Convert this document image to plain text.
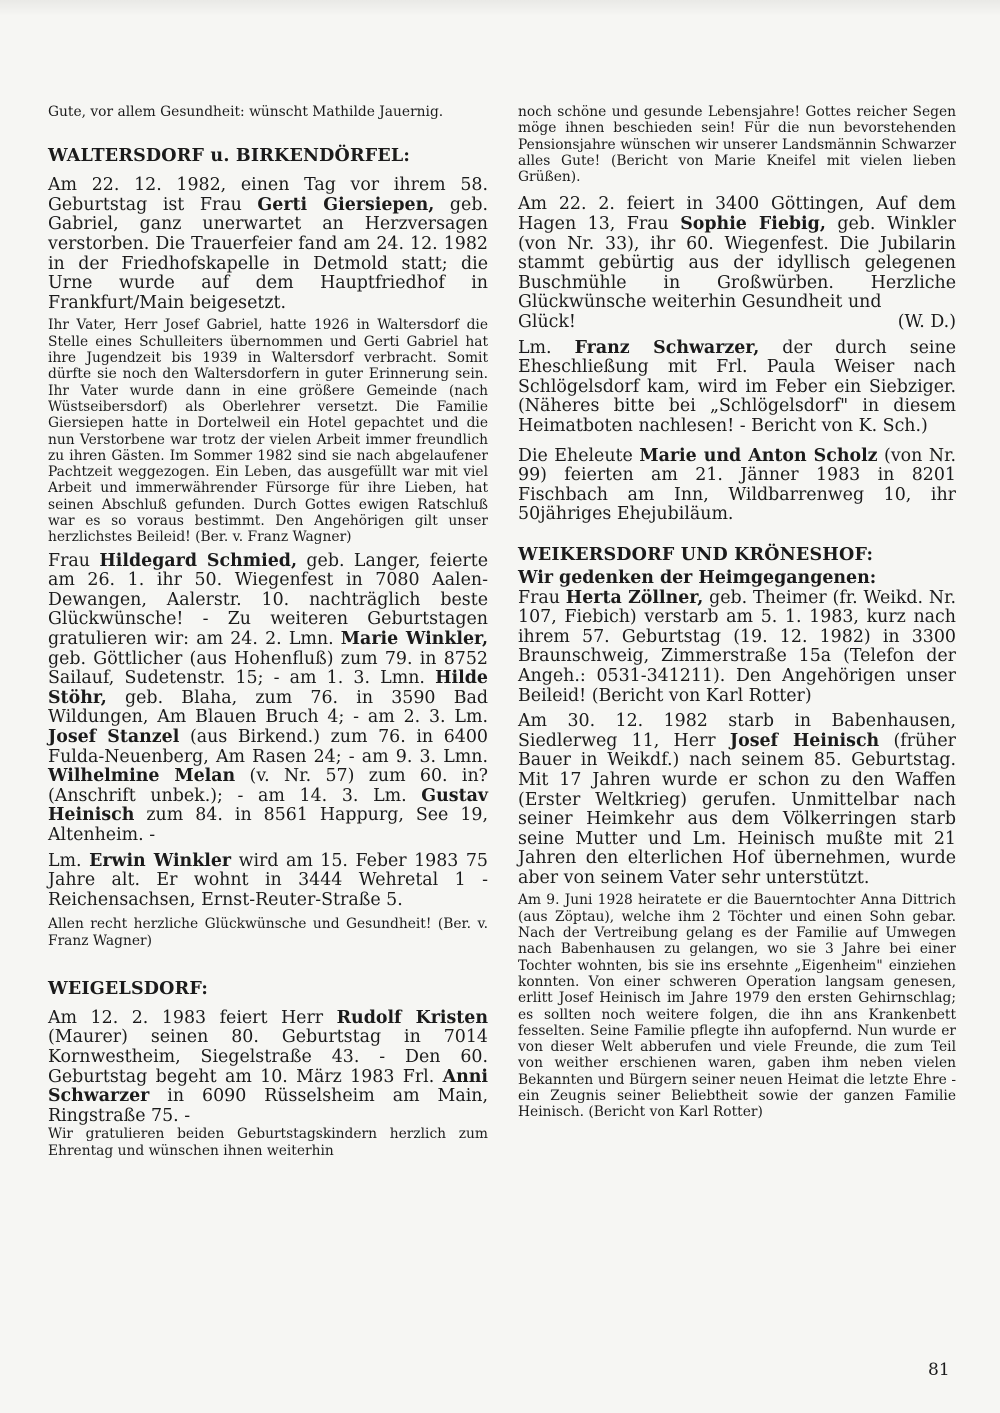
Gute, vor allem Gesundheit: wünscht Mathilde Jauernig.

WALTERSDORF u. BIRKENDÖRFEL:

Am 22. 12. 1982, einen Tag vor ihrem 58. Geburtstag ist Frau Gerti Giersiepen, geb. Gabriel, ganz unerwartet an Herzversagen verstorben. Die Trauerfeier fand am 24. 12. 1982 in der Friedhofskapelle in Detmold statt; die Urne wurde auf dem Hauptfriedhof in Frankfurt/Main beigesetzt.

Ihr Vater, Herr Josef Gabriel, hatte 1926 in Waltersdorf die Stelle eines Schulleiters übernommen und Gerti Gabriel hat ihre Jugendzeit bis 1939 in Waltersdorf verbracht. Somit dürfte sie noch den Waltersdorfern in guter Erinnerung sein. Ihr Vater wurde dann in eine größere Gemeinde (nach Wüstseibersdorf) als Oberlehrer versetzt. Die Familie Giersiepen hatte in Dortelweil ein Hotel gepachtet und die nun Verstorbene war trotz der vielen Arbeit immer freundlich zu ihren Gästen. Im Sommer 1982 sind sie nach abgelaufener Pachtzeit weggezogen. Ein Leben, das ausgefüllt war mit viel Arbeit und immerwährender Fürsorge für ihre Lieben, hat seinen Abschluß gefunden. Durch Gottes ewigen Ratschluß war es so voraus bestimmt. Den Angehörigen gilt unser herzlichstes Beileid! (Ber. v. Franz Wagner)

Frau Hildegard Schmied, geb. Langer, feierte am 26. 1. ihr 50. Wiegenfest in 7080 Aalen-Dewangen, Aalerstr. 10. nachträglich beste Glückwünsche! - Zu weiteren Geburtstagen gratulieren wir: am 24. 2. Lmn. Marie Winkler, geb. Göttlicher (aus Hohenfluß) zum 79. in 8752 Sailauf, Sudetenstr. 15; - am 1. 3. Lmn. Hilde Stöhr, geb. Blaha, zum 76. in 3590 Bad Wildungen, Am Blauen Bruch 4; - am 2. 3. Lm. Josef Stanzel (aus Birkend.) zum 76. in 6400 Fulda-Neuenberg, Am Rasen 24; - am 9. 3. Lmn. Wilhelmine Melan (v. Nr. 57) zum 60. in? (Anschrift unbek.); - am 14. 3. Lm. Gustav Heinisch zum 84. in 8561 Happurg, See 19, Altenheim. -

Lm. Erwin Winkler wird am 15. Feber 1983 75 Jahre alt. Er wohnt in 3444 Wehretal 1 - Reichensachsen, Ernst-Reuter-Straße 5.

Allen recht herzliche Glückwünsche und Gesundheit! (Ber. v. Franz Wagner)

WEIGELSDORF:

Am 12. 2. 1983 feiert Herr Rudolf Kristen (Maurer) seinen 80. Geburtstag in 7014 Kornwestheim, Siegelstraße 43. - Den 60. Geburtstag begeht am 10. März 1983 Frl. Anni Schwarzer in 6090 Rüsselsheim am Main, Ringstraße 75. -

Wir gratulieren beiden Geburtstagskindern herzlich zum Ehrentag und wünschen ihnen weiterhin

noch schöne und gesunde Lebensjahre! Gottes reicher Segen möge ihnen beschieden sein! Für die nun bevorstehenden Pensionsjahre wünschen wir unserer Landsmännin Schwarzer alles Gute! (Bericht von Marie Kneifel mit vielen lieben Grüßen).

Am 22. 2. feiert in 3400 Göttingen, Auf dem Hagen 13, Frau Sophie Fiebig, geb. Winkler (von Nr. 33), ihr 60. Wiegenfest. Die Jubilarin stammt gebürtig aus der idyllisch gelegenen Buschmühle in Großwürben. Herzliche Glückwünsche weiterhin Gesundheit und

Glück!	(W. D.)

Lm. Franz Schwarzer, der durch seine Eheschließung mit Frl. Paula Weiser nach Schlögelsdorf kam, wird im Feber ein Siebziger. (Näheres bitte bei „Schlögelsdorf" in diesem Heimatboten nachlesen! - Bericht von K. Sch.)

Die Eheleute Marie und Anton Scholz (von Nr. 99) feierten am 21. Jänner 1983 in 8201 Fischbach am Inn, Wildbarrenweg 10, ihr 50jähriges Ehejubiläum.

WEIKERSDORF UND KRÖNESHOF:

Wir gedenken der Heimgegangenen:

Frau Herta Zöllner, geb. Theimer (fr. Weikd. Nr. 107, Fiebich) verstarb am 5. 1. 1983, kurz nach ihrem 57. Geburtstag (19. 12. 1982) in 3300 Braunschweig, Zimmerstraße 15a (Telefon der Angeh.: 0531-341211). Den Angehörigen unser Beileid! (Bericht von Karl Rotter)

Am 30. 12. 1982 starb in Babenhausen, Siedlerweg 11, Herr Josef Heinisch (früher Bauer in Weikdf.) nach seinem 85. Geburtstag. Mit 17 Jahren wurde er schon zu den Waffen (Erster Weltkrieg) gerufen. Unmittelbar nach seiner Heimkehr aus dem Völkerringen starb seine Mutter und Lm. Heinisch mußte mit 21 Jahren den elterlichen Hof übernehmen, wurde aber von seinem Vater sehr unterstützt.

Am 9. Juni 1928 heiratete er die Bauerntochter Anna Dittrich (aus Zöptau), welche ihm 2 Töchter und einen Sohn gebar. Nach der Vertreibung gelang es der Familie auf Umwegen nach Babenhausen zu gelangen, wo sie 3 Jahre bei einer Tochter wohnten, bis sie ins ersehnte „Eigenheim" einziehen konnten. Von einer schweren Operation langsam genesen, erlitt Josef Heinisch im Jahre 1979 den ersten Gehirnschlag; es sollten noch weitere folgen, die ihn ans Krankenbett fesselten. Seine Familie pflegte ihn aufopfernd. Nun wurde er von dieser Welt abberufen und viele Freunde, die zum Teil von weither erschienen waren, gaben ihm neben vielen Bekannten und Bürgern seiner neuen Heimat die letzte Ehre - ein Zeugnis seiner Beliebtheit sowie der ganzen Familie Heinisch. (Bericht von Karl Rotter)

81
